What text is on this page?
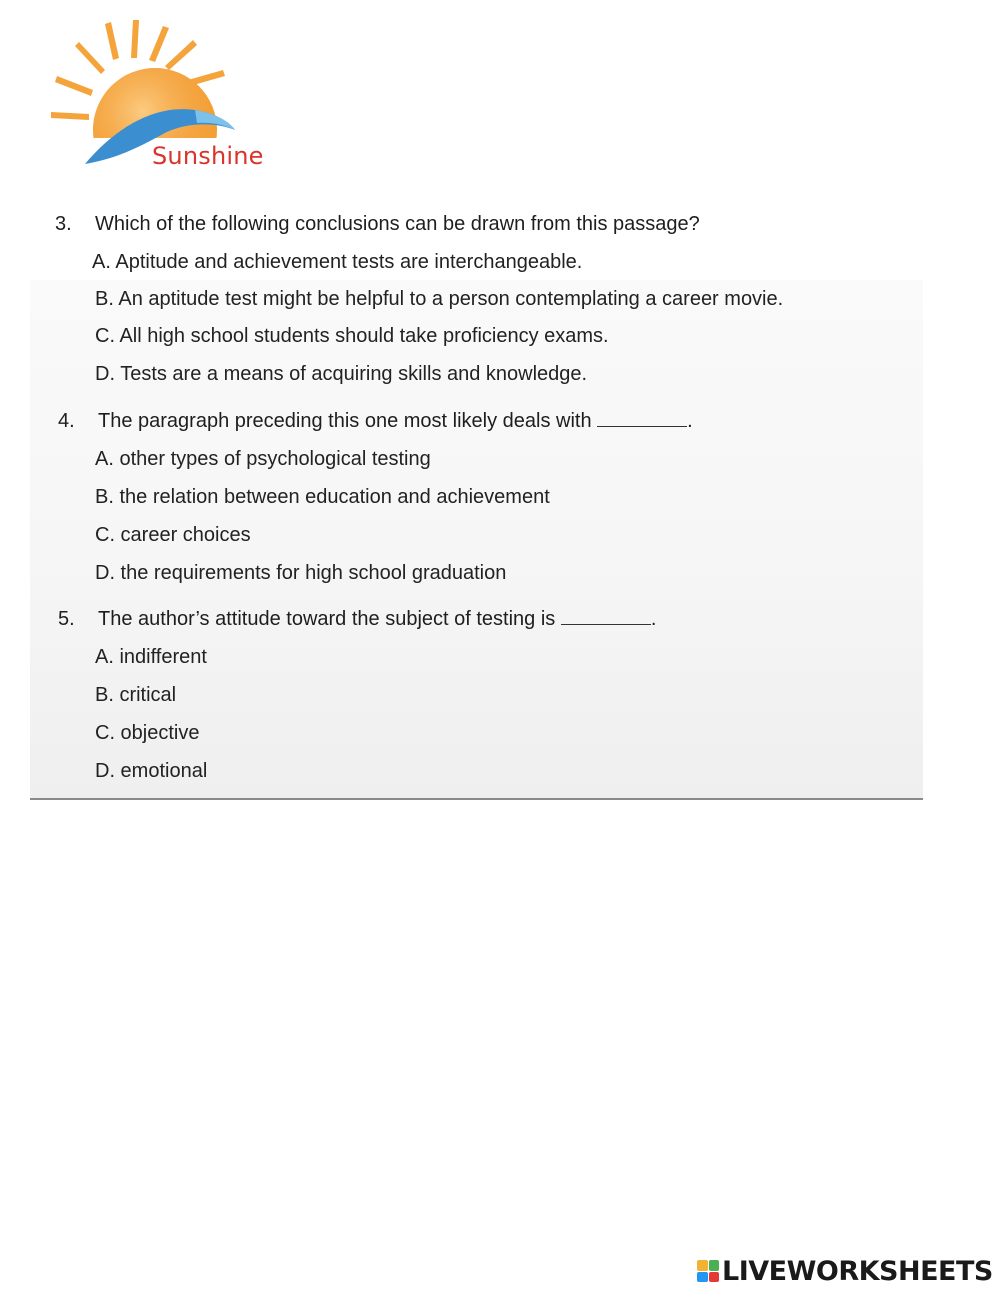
Sunshine
3. Which of the following conclusions can be drawn from this passage?
A. Aptitude and achievement tests are interchangeable.
B. An aptitude test might be helpful to a person contemplating a career movie.
C. All high school students should take proficiency exams.
D. Tests are a means of acquiring skills and knowledge.
4. The paragraph preceding this one most likely deals with	.
A. other types of psychological testing
B. the relation between education and achievement
C. career choices
D. the requirements for high school graduation
5. The author’s attitude toward the subject of testing is	.
A. indifferent
B. critical
C. objective
D. emotional
LIVEWORKSHEETS
